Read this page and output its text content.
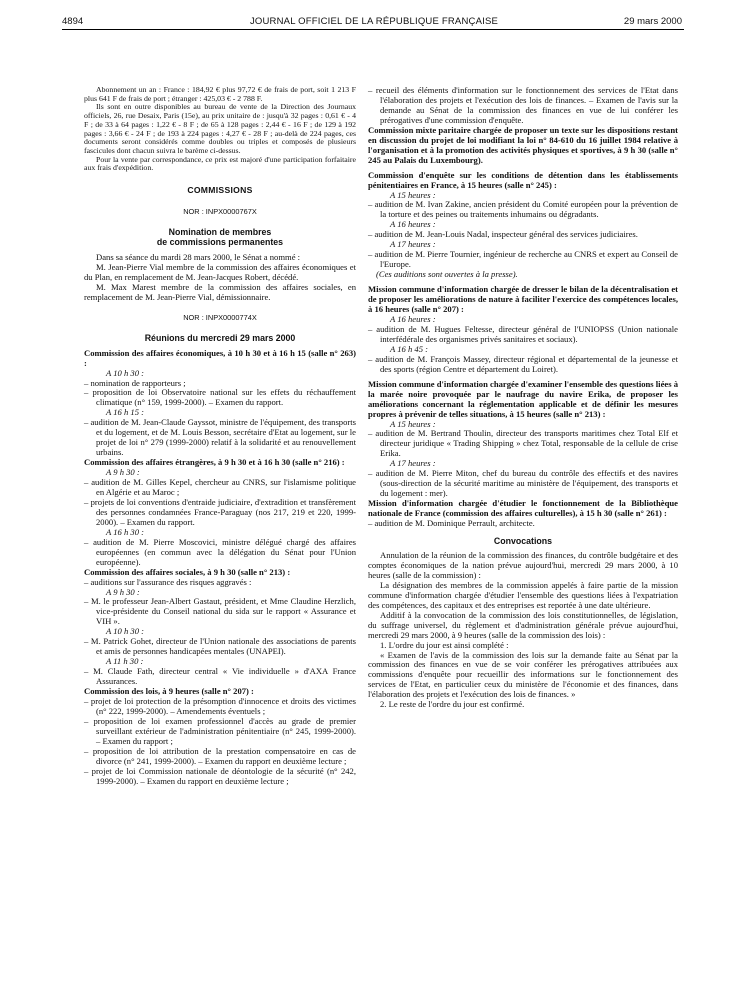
4894	JOURNAL OFFICIEL DE LA RÉPUBLIQUE FRANÇAISE	29 mars 2000

Abonnement un an : France : 184,92 € plus 97,72 € de frais de port, soit 1 213 F plus 641 F de frais de port ; étranger : 425,03 € - 2 788 F.

Ils sont en outre disponibles au bureau de vente de la Direction des Journaux officiels, 26, rue Desaix, Paris (15e), au prix unitaire de : jusqu'à 32 pages : 0,61 € - 4 F ; de 33 à 64 pages : 1,22 € - 8 F ; de 65 à 128 pages : 2,44 € - 16 F ; de 129 à 192 pages : 3,66 € - 24 F ; de 193 à 224 pages : 4,27 € - 28 F ; au-delà de 224 pages, ces documents seront considérés comme doubles ou triples et composés de plusieurs fascicules dont chacun suivra le barème ci-dessus.

Pour la vente par correspondance, ce prix est majoré d'une participation forfaitaire aux frais d'expédition.

COMMISSIONS
NOR : INPX0000767X
Nomination de membres
de commissions permanentes

Dans sa séance du mardi 28 mars 2000, le Sénat a nommé :

M. Jean-Pierre Vial membre de la commission des affaires économiques et du Plan, en remplacement de M. Jean-Jacques Robert, décédé.

M. Max Marest membre de la commission des affaires sociales, en remplacement de M. Jean-Pierre Vial, démissionnaire.

NOR : INPX0000774X
Réunions du mercredi 29 mars 2000

Commission des affaires économiques, à 10 h 30 et à 16 h 15 (salle n° 263) :

A 10 h 30 :

– nomination de rapporteurs ;

– proposition de loi Observatoire national sur les effets du réchauffement climatique (n° 159, 1999-2000). – Examen du rapport.

A 16 h 15 :

– audition de M. Jean-Claude Gayssot, ministre de l'équipement, des transports et du logement, et de M. Louis Besson, secrétaire d'Etat au logement, sur le projet de loi n° 279 (1999-2000) relatif à la solidarité et au renouvellement urbains.

Commission des affaires étrangères, à 9 h 30 et à 16 h 30 (salle n° 216) :

A 9 h 30 :

– audition de M. Gilles Kepel, chercheur au CNRS, sur l'islamisme politique en Algérie et au Maroc ;

– projets de loi conventions d'entraide judiciaire, d'extradition et transfèrement des personnes condamnées France-Paraguay (nos 217, 219 et 220, 1999-2000). – Examen du rapport.

A 16 h 30 :

– audition de M. Pierre Moscovici, ministre délégué chargé des affaires européennes (en commun avec la délégation du Sénat pour l'Union européenne).

Commission des affaires sociales, à 9 h 30 (salle n° 213) :

– auditions sur l'assurance des risques aggravés :

A 9 h 30 :

– M. le professeur Jean-Albert Gastaut, président, et Mme Claudine Herzlich, vice-présidente du Conseil national du sida sur le rapport « Assurance et VIH ».

A 10 h 30 :

– M. Patrick Gohet, directeur de l'Union nationale des associations de parents et amis de personnes handicapées mentales (UNAPEI).

A 11 h 30 :

– M. Claude Fath, directeur central « Vie individuelle » d'AXA France Assurances.

Commission des lois, à 9 heures (salle n° 207) :

– projet de loi protection de la présomption d'innocence et droits des victimes (n° 222, 1999-2000). – Amendements éventuels ;

– proposition de loi examen professionnel d'accès au grade de premier surveillant extérieur de l'administration pénitentiaire (n° 245, 1999-2000). – Examen du rapport ;

– proposition de loi attribution de la prestation compensatoire en cas de divorce (n° 241, 1999-2000). – Examen du rapport en deuxième lecture ;

– projet de loi Commission nationale de déontologie de la sécurité (n° 242, 1999-2000). – Examen du rapport en deuxième lecture ;

– recueil des éléments d'information sur le fonctionnement des services de l'Etat dans l'élaboration des projets et l'exécution des lois de finances. – Examen de l'avis sur la demande au Sénat de la commission des finances en vue de lui conférer les prérogatives d'une commission d'enquête.

Commission mixte paritaire chargée de proposer un texte sur les dispositions restant en discussion du projet de loi modifiant la loi n° 84-610 du 16 juillet 1984 relative à l'organisation et à la promotion des activités physiques et sportives, à 9 h 30 (salle n° 245 au Palais du Luxembourg).

Commission d'enquête sur les conditions de détention dans les établissements pénitentiaires en France, à 15 heures (salle n° 245) :

A 15 heures :

– audition de M. Ivan Zakine, ancien président du Comité européen pour la prévention de la torture et des peines ou traitements inhumains ou dégradants.

A 16 heures :

– audition de M. Jean-Louis Nadal, inspecteur général des services judiciaires.

A 17 heures :

– audition de M. Pierre Tournier, ingénieur de recherche au CNRS et expert au Conseil de l'Europe.

(Ces auditions sont ouvertes à la presse).

Mission commune d'information chargée de dresser le bilan de la décentralisation et de proposer les améliorations de nature à faciliter l'exercice des compétences locales, à 16 heures (salle n° 207) :

A 16 heures :

– audition de M. Hugues Feltesse, directeur général de l'UNIOPSS (Union nationale interfédérale des organismes privés sanitaires et sociaux).

A 16 h 45 :

– audition de M. François Massey, directeur régional et départemental de la jeunesse et des sports (région Centre et département du Loiret).

Mission commune d'information chargée d'examiner l'ensemble des questions liées à la marée noire provoquée par le naufrage du navire Erika, de proposer les améliorations concernant la réglementation applicable et de définir les mesures propres à prévenir de telles situations, à 15 heures (salle n° 213) :

A 15 heures :

– audition de M. Bertrand Thoulin, directeur des transports maritimes chez Total Elf et directeur juridique « Trading Shipping » chez Total, responsable de la cellule de crise Erika.

A 17 heures :

– audition de M. Pierre Miton, chef du bureau du contrôle des effectifs et des navires (sous-direction de la sécurité maritime au ministère de l'équipement, des transports et du logement : mer).

Mission d'information chargée d'étudier le fonctionnement de la Bibliothèque nationale de France (commission des affaires culturelles), à 15 h 30 (salle n° 261) :

– audition de M. Dominique Perrault, architecte.

Convocations

Annulation de la réunion de la commission des finances, du contrôle budgétaire et des comptes économiques de la nation prévue aujourd'hui, mercredi 29 mars 2000, à 10 heures (salle de la commission) :

La désignation des membres de la commission appelés à faire partie de la mission commune d'information chargée d'étudier l'ensemble des questions liées à l'expatriation des compétences, des capitaux et des entreprises est reportée à une date ultérieure.

Additif à la convocation de la commission des lois constitutionnelles, de législation, du suffrage universel, du règlement et d'administration générale prévue aujourd'hui, mercredi 29 mars 2000, à 9 heures (salle de la commission des lois) :

1. L'ordre du jour est ainsi complété :

« Examen de l'avis de la commission des lois sur la demande faite au Sénat par la commission des finances en vue de se voir conférer les prérogatives attribuées aux commissions d'enquête pour recueillir des informations sur le fonctionnement des services de l'Etat, en particulier ceux du ministère de l'économie et des finances, dans l'élaboration des projets et l'exécution des lois de finances. »

2. Le reste de l'ordre du jour est confirmé.
